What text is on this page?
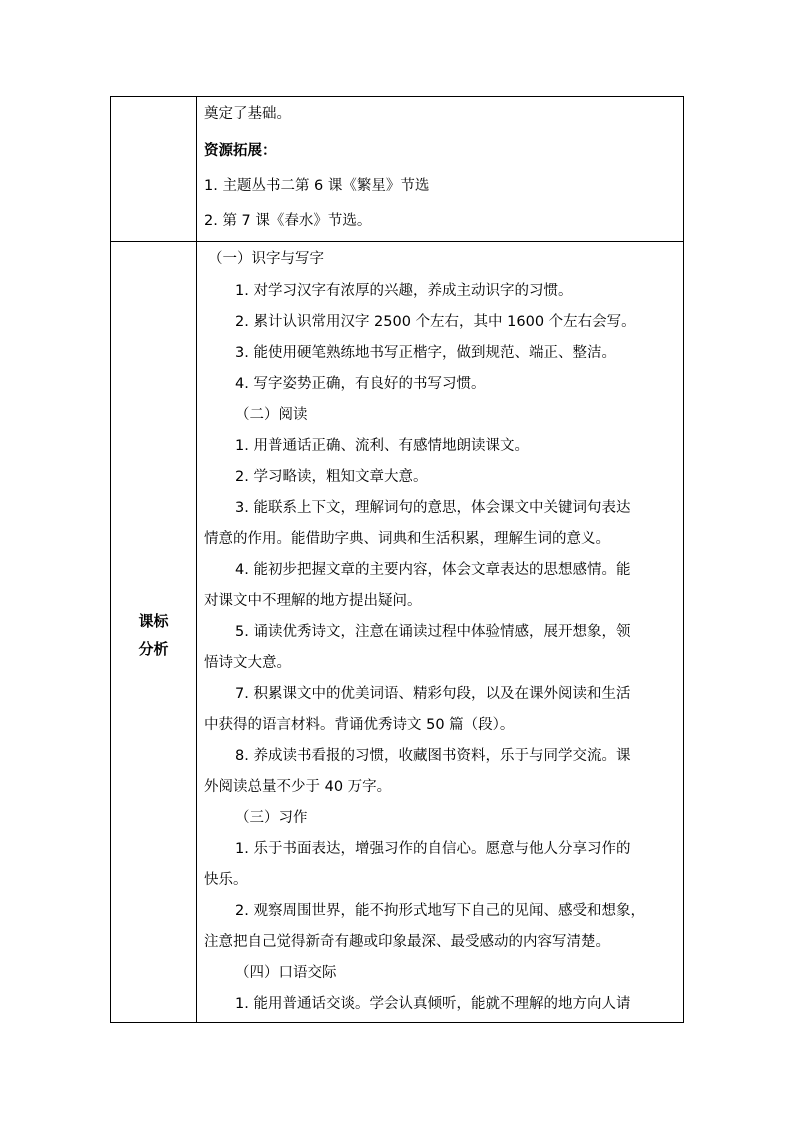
奠定了基础。
资源拓展：
1. 主题丛书二第 6 课《繁星》节选
2. 第 7 课《春水》节选。
课标
分析
（一）识字与写字
1. 对学习汉字有浓厚的兴趣，养成主动识字的习惯。
2. 累计认识常用汉字 2500 个左右，其中 1600 个左右会写。
3. 能使用硬笔熟练地书写正楷字，做到规范、端正、整洁。
4. 写字姿势正确，有良好的书写习惯。
（二）阅读
1. 用普通话正确、流利、有感情地朗读课文。
2. 学习略读，粗知文章大意。
3. 能联系上下文，理解词句的意思，体会课文中关键词句表达
情意的作用。能借助字典、词典和生活积累，理解生词的意义。
4. 能初步把握文章的主要内容，体会文章表达的思想感情。能
对课文中不理解的地方提出疑问。
5. 诵读优秀诗文，注意在诵读过程中体验情感，展开想象，领
悟诗文大意。
7. 积累课文中的优美词语、精彩句段，以及在课外阅读和生活
中获得的语言材料。背诵优秀诗文 50 篇（段）。
8. 养成读书看报的习惯，收藏图书资料，乐于与同学交流。课
外阅读总量不少于 40 万字。
（三）习作
1. 乐于书面表达，增强习作的自信心。愿意与他人分享习作的
快乐。
2. 观察周围世界，能不拘形式地写下自己的见闻、感受和想象，
注意把自己觉得新奇有趣或印象最深、最受感动的内容写清楚。
（四）口语交际
1. 能用普通话交谈。学会认真倾听，能就不理解的地方向人请
